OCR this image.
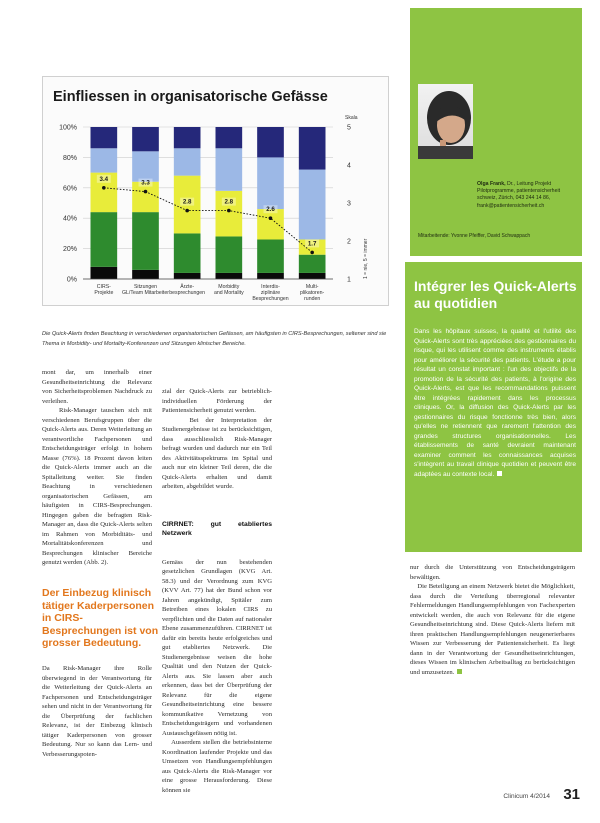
3.4
3.3
2.8	2.8
2.6
1.7
0%
20%
40%
60%
80%
100%
1
2
3
4
5
Skala
1 = nie, 5 = immer
CIRS-
Projekte
Sitzungen
GL/Team Mitarbeiter
Ärzte-
besprechungen
Morbidity
and Mortality
Interdis-
ziplinäre
Besprechungen
Multi-
plikatoren-
runden
Einfliessen in organisatorische Gefässe
Die Quick-Alerts finden Beachtung in verschiedenen organisatorischen Gefässen, am häufigsten in CIRS-Besprechungen, seltener sind sie Thema in Morbidity- und Mortality-Konferenzen und Sitzungen klinischer Bereiche.
mont dar, um innerhalb einer Gesundheitseinrichtung die Relevanz von Sicherheitsproblemen Nachdruck zu verleihen.
Risk-Manager tauschen sich mit verschiedenen Berufsgruppen über die Quick-Alerts aus. Deren Weiterleitung an verantwortliche Fachpersonen und Entscheidungsträger erfolgt in hohem Masse (76%). 18 Prozent davon leiten die Quick-Alerts immer auch an die Spitalleitung weiter. Sie finden Beachtung in verschiedenen organisatorischen Gefässen, am häufigsten in CIRS-Besprechungen. Hingegen gaben die befragten Risk-Manager an, dass die Quick-Alerts selten im Rahmen von Morbiditäts- und Mortalitätskonferenzen und Besprechungen klinischer Bereiche genutzt werden (Abb. 2).
Der Einbezug klinisch tätiger Kaderpersonen in CIRS-Besprechungen ist von grosser Bedeutung.
Da Risk-Manager ihre Rolle überwiegend in der Verantwortung für die Weiterleitung der Quick-Alerts an Fachpersonen und Entscheidungsträger sehen und nicht in der Verantwortung für die Überprüfung der fachlichen Relevanz, ist der Einbezug klinisch tätiger Kaderpersonen von grosser Bedeutung. Nur so kann das Lern- und Verbesserungspoten-

zial der Quick-Alerts zur betrieblich-individuellen Förderung der Patientensicherheit genutzt werden.
Bei der Interpretation der Studienergebnisse ist zu berücksichtigen, dass ausschliesslich Risk-Manager befragt wurden und dadurch nur ein Teil des Aktivitätsspektrums im Spital und auch nur ein kleiner Teil deren, die die Quick-Alerts erhalten und damit arbeiten, abgebildet wurde.

CIRRNET: gut etabliertes Netzwerk

Gemäss der nun bestehenden gesetzlichen Grundlagen (KVG Art. 58.3) und der Verordnung zum KVG (KVV Art. 77) hat der Bund schon vor Jahren angekündigt, Spitäler zum Betreiben eines lokalen CIRS zu verpflichten und die Daten auf nationaler Ebene zusammenzuführen. CIRRNET ist dafür ein bereits heute erfolgreiches und gut etabliertes Netzwerk. Die Studienergebnisse weisen die hohe Qualität und den Nutzen der Quick-Alerts aus. Sie lassen aber auch erkennen, dass bei der Überprüfung der Relevanz für die eigene Gesundheitseinrichtung eine bessere kommunikative Vernetzung von Entscheidungsträgern und vorhandenen Austauschgefässen nötig ist.
Ausserdem stellen die betriebsinterne Koordination laufender Projekte und das Umsetzen von Handlungsempfehlungen aus Quick-Alerts die Risk-Manager vor eine grosse Herausforderung. Diese können sie

Olga Frank, Dr., Leitung Projekt Pilotprogramme, patientensicherheit schweiz, Zürich, 043 244 14 86, frank@patientensicherheit.ch
Mitarbeitende: Yvonne Pfeiffer, David Schwappach
Intégrer les Quick-Alerts au quotidien
Dans les hôpitaux suisses, la qualité et l'utilité des Quick-Alerts sont très appréciées des gestionnaires du risque, qui les utilisent comme des instruments établis pour améliorer la sécurité des patients. L'étude a pour résultat un constat important : l'un des objectifs de la promotion de la sécurité des patients, à l'origine des Quick-Alerts, est que les recommandations puissent être intégrées rapidement dans les processus cliniques. Or, la diffusion des Quick-Alerts par les gestionnaires du risque fonctionne très bien, alors qu'elles ne retiennent que rarement l'attention des grandes structures organisationnelles. Les établissements de santé devraient maintenant examiner comment les connaissances acquises s'intègrent au travail clinique quotidien et peuvent être adaptées au contexte local.
nur durch die Unterstützung von Entscheidungsträgern bewältigen.
Die Beteiligung an einem Netzwerk bietet die Möglichkeit, dass durch die Verteilung überregional relevanter Fehlermeldungen Handlungsempfehlungen von Fachexperten entwickelt werden, die auch von Relevanz für die eigene Gesundheitseinrichtung sind. Diese Quick-Alerts liefern mit ihren praktischen Handlungsempfehlungen neugenerierbares Wissen zur Verbesserung der Patientensicherheit. Es liegt dann in der Verantwortung der Gesundheitseinrichtungen, dieses Wissen im klinischen Arbeitsalltag zu berücksichtigen und umzusetzen.
Clinicum 4/2014 31
